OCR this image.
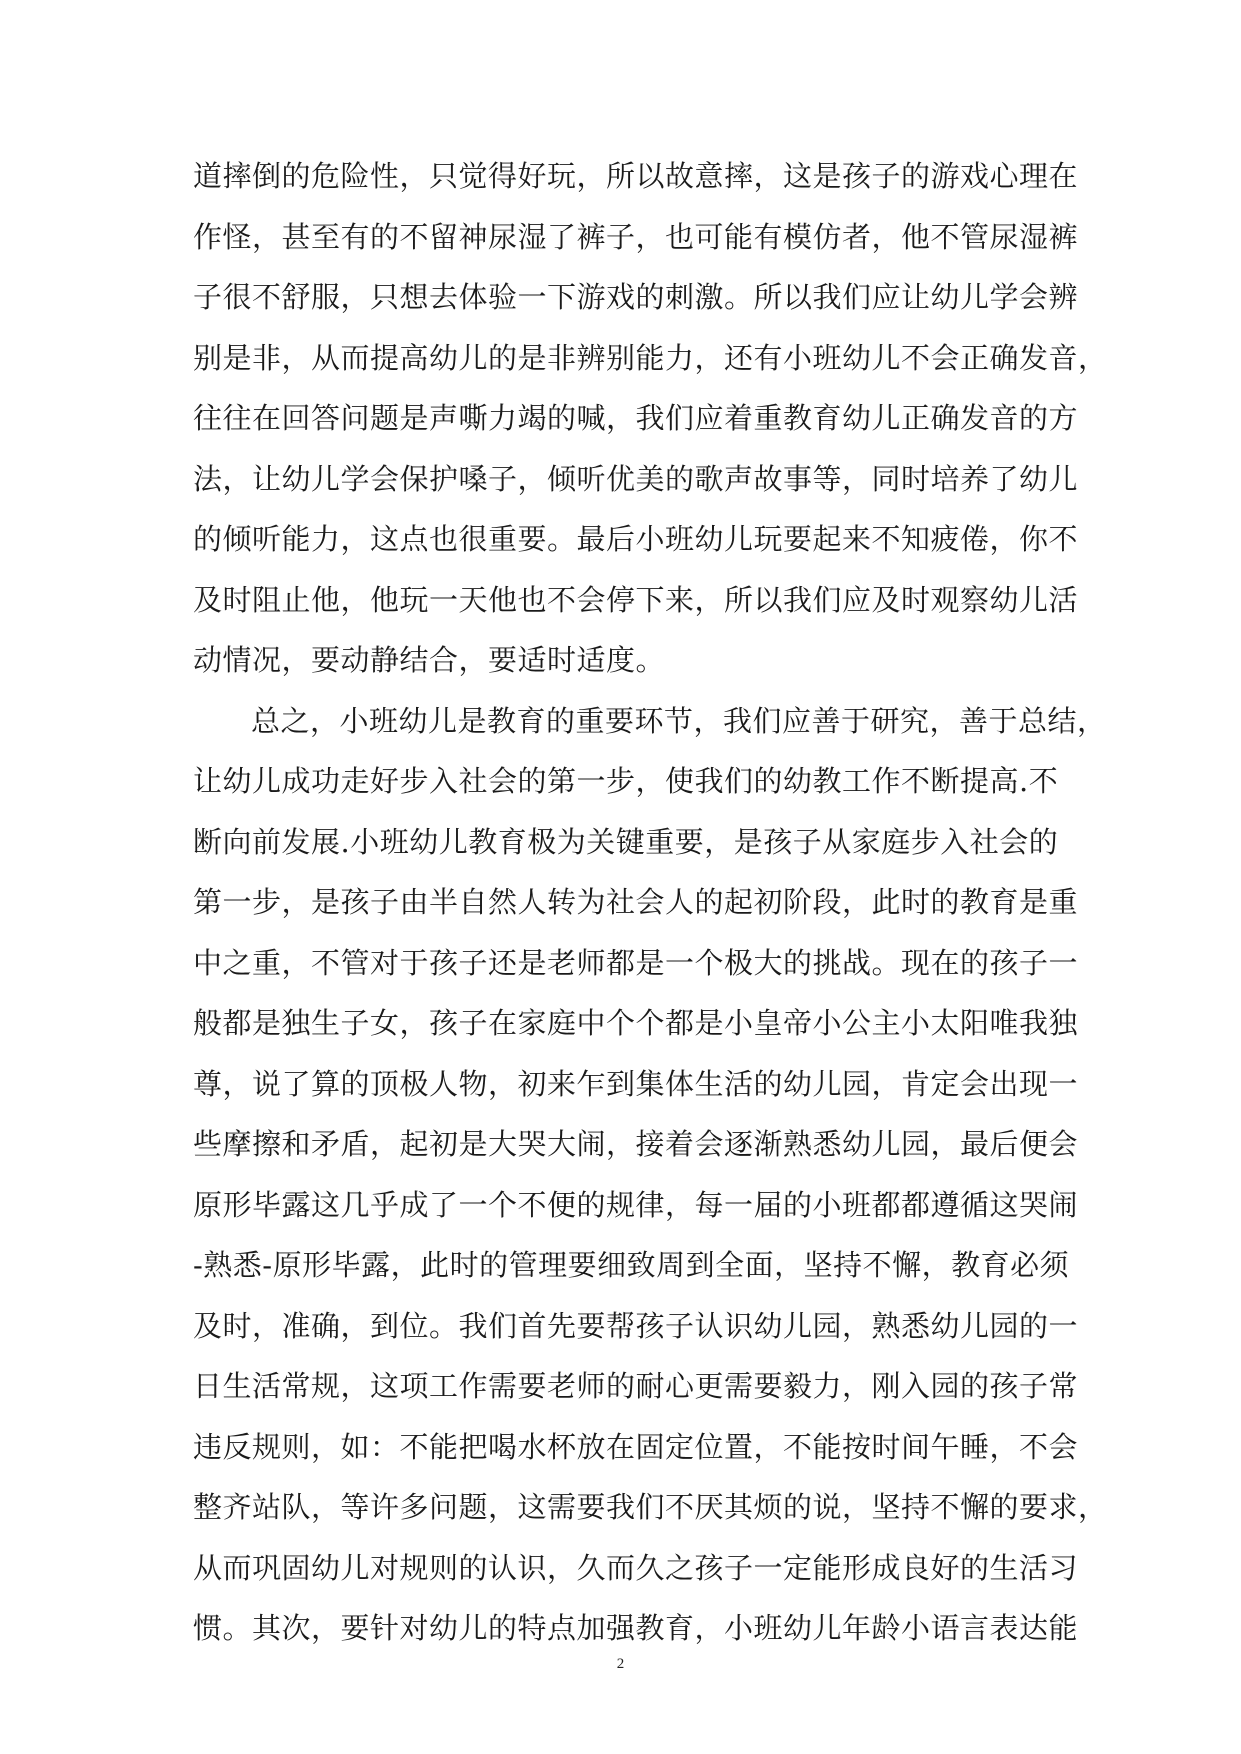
道摔倒的危险性，只觉得好玩，所以故意摔，这是孩子的游戏心理在
作怪，甚至有的不留神尿湿了裤子，也可能有模仿者，他不管尿湿裤
子很不舒服，只想去体验一下游戏的刺激。所以我们应让幼儿学会辨
别是非，从而提高幼儿的是非辨别能力，还有小班幼儿不会正确发音，
往往在回答问题是声嘶力竭的喊，我们应着重教育幼儿正确发音的方
法，让幼儿学会保护嗓子，倾听优美的歌声故事等，同时培养了幼儿
的倾听能力，这点也很重要。最后小班幼儿玩要起来不知疲倦，你不
及时阻止他，他玩一天他也不会停下来，所以我们应及时观察幼儿活
动情况，要动静结合，要适时适度。
总之，小班幼儿是教育的重要环节，我们应善于研究，善于总结，
让幼儿成功走好步入社会的第一步，使我们的幼教工作不断提高.不
断向前发展.小班幼儿教育极为关键重要，是孩子从家庭步入社会的
第一步，是孩子由半自然人转为社会人的起初阶段，此时的教育是重
中之重，不管对于孩子还是老师都是一个极大的挑战。现在的孩子一
般都是独生子女，孩子在家庭中个个都是小皇帝小公主小太阳唯我独
尊，说了算的顶极人物，初来乍到集体生活的幼儿园，肯定会出现一
些摩擦和矛盾，起初是大哭大闹，接着会逐渐熟悉幼儿园，最后便会
原形毕露这几乎成了一个不便的规律，每一届的小班都都遵循这哭闹
-熟悉-原形毕露，此时的管理要细致周到全面，坚持不懈，教育必须
及时，准确，到位。我们首先要帮孩子认识幼儿园，熟悉幼儿园的一
日生活常规，这项工作需要老师的耐心更需要毅力，刚入园的孩子常
违反规则，如：不能把喝水杯放在固定位置，不能按时间午睡，不会
整齐站队，等许多问题，这需要我们不厌其烦的说，坚持不懈的要求，
从而巩固幼儿对规则的认识，久而久之孩子一定能形成良好的生活习
惯。其次，要针对幼儿的特点加强教育，小班幼儿年龄小语言表达能
2
